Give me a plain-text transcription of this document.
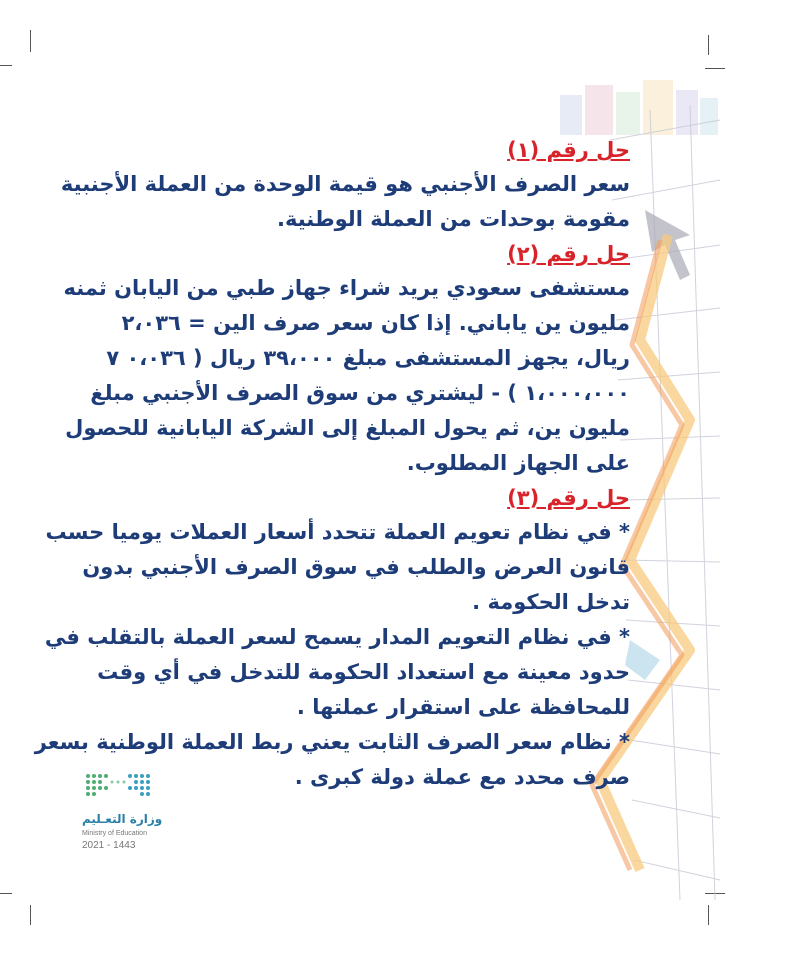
حل رقم (١)
سعر الصرف الأجنبي هو قيمة الوحدة من العملة الأجنبية
مقومة بوحدات من العملة الوطنية.
حل رقم (٢)
مستشفى سعودي يريد شراء جهاز طبي من اليابان ثمنه
مليون ين ياباني. إذا كان سعر صرف الين = ٢،٠٣٦
ريال، يجهز المستشفى مبلغ ٣٩،٠٠٠ ريال ( ٠،٠٣٦ ٧
١،٠٠٠،٠٠٠ ) - ليشتري من سوق الصرف الأجنبي مبلغ
مليون ين، ثم يحول المبلغ إلى الشركة اليابانية للحصول
على الجهاز المطلوب.
حل رقم (٣)
* في نظام تعويم العملة تتحدد أسعار العملات يوميا حسب
قانون العرض والطلب في سوق الصرف الأجنبي بدون
تدخل الحكومة .
* في نظام التعويم المدار يسمح لسعر العملة بالتقلب في
حدود معينة مع استعداد الحكومة للتدخل في أي وقت
للمحافظة على استقرار عملتها .
* نظام سعر الصرف الثابت يعني ربط العملة الوطنية بسعر
صرف محدد مع عملة دولة كبرى .
وزارة التعـليم
Ministry of Education
2021 - 1443
